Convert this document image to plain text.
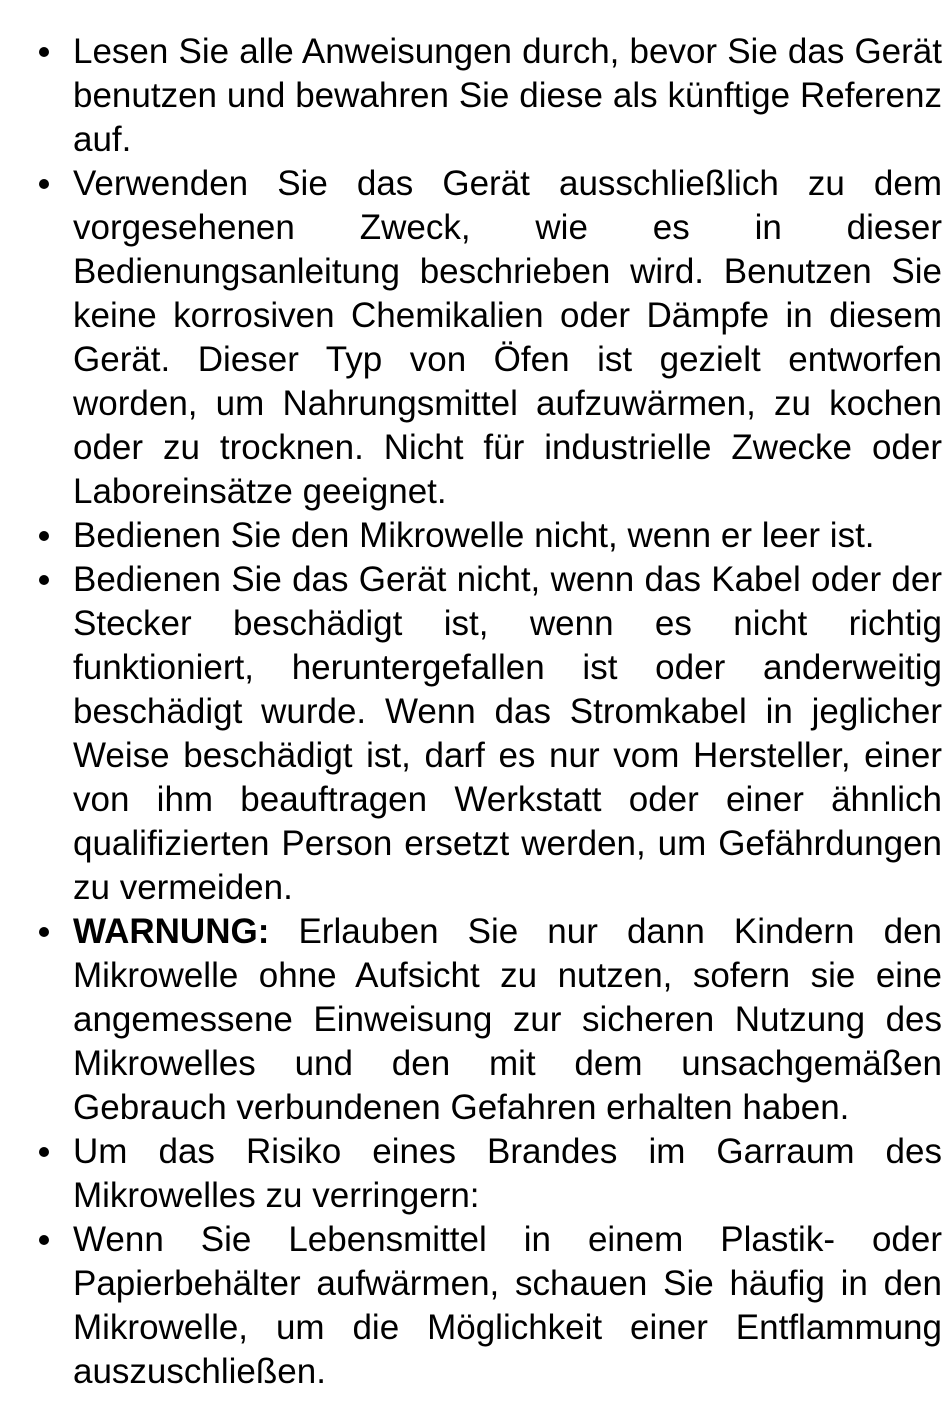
Lesen Sie alle Anweisungen durch, bevor Sie das Gerät benutzen und bewahren Sie diese als künftige Referenz auf.
Verwenden Sie das Gerät ausschließlich zu dem vorgesehenen Zweck, wie es in dieser Bedienungsanleitung beschrieben wird. Benutzen Sie keine korrosiven Chemikalien oder Dämpfe in diesem Gerät. Dieser Typ von Öfen ist gezielt entworfen worden, um Nahrungsmittel aufzuwärmen, zu kochen oder zu trocknen. Nicht für industrielle Zwecke oder Laboreinsätze geeignet.
Bedienen Sie den Mikrowelle nicht, wenn er leer ist.
Bedienen Sie das Gerät nicht, wenn das Kabel oder der Stecker beschädigt ist, wenn es nicht richtig funktioniert, heruntergefallen ist oder anderweitig beschädigt wurde. Wenn das Stromkabel in jeglicher Weise beschädigt ist, darf es nur vom Hersteller, einer von ihm beauftragen Werkstatt oder einer ähnlich qualifizierten Person ersetzt werden, um Gefährdungen zu vermeiden.
WARNUNG: Erlauben Sie nur dann Kindern den Mikrowelle ohne Aufsicht zu nutzen, sofern sie eine angemessene Einweisung zur sicheren Nutzung des Mikrowelles und den mit dem unsachgemäßen Gebrauch verbundenen Gefahren erhalten haben.
Um das Risiko eines Brandes im Garraum des Mikrowelles zu verringern:
Wenn Sie Lebensmittel in einem Plastik- oder Papierbehälter aufwärmen, schauen Sie häufig in den Mikrowelle, um die Möglichkeit einer Entflammung auszuschließen.
